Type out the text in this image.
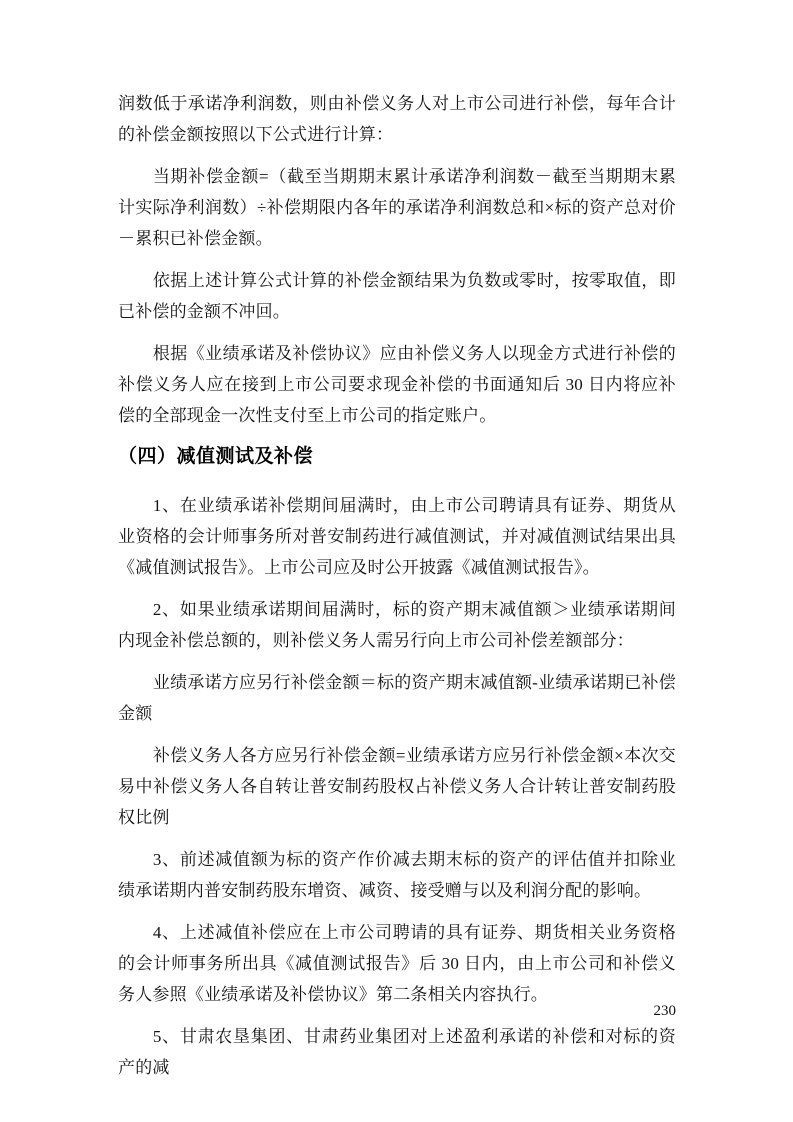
润数低于承诺净利润数，则由补偿义务人对上市公司进行补偿，每年合计的补偿金额按照以下公式进行计算：

当期补偿金额=（截至当期期末累计承诺净利润数－截至当期期末累计实际净利润数）÷补偿期限内各年的承诺净利润数总和×标的资产总对价－累积已补偿金额。

依据上述计算公式计算的补偿金额结果为负数或零时，按零取值，即已补偿的金额不冲回。

根据《业绩承诺及补偿协议》应由补偿义务人以现金方式进行补偿的补偿义务人应在接到上市公司要求现金补偿的书面通知后 30 日内将应补偿的全部现金一次性支付至上市公司的指定账户。

（四）减值测试及补偿

1、在业绩承诺补偿期间届满时，由上市公司聘请具有证券、期货从业资格的会计师事务所对普安制药进行减值测试，并对减值测试结果出具《减值测试报告》。上市公司应及时公开披露《减值测试报告》。

2、如果业绩承诺期间届满时，标的资产期末减值额＞业绩承诺期间内现金补偿总额的，则补偿义务人需另行向上市公司补偿差额部分：

业绩承诺方应另行补偿金额＝标的资产期末减值额-业绩承诺期已补偿金额

补偿义务人各方应另行补偿金额=业绩承诺方应另行补偿金额×本次交易中补偿义务人各自转让普安制药股权占补偿义务人合计转让普安制药股权比例

3、前述减值额为标的资产作价减去期末标的资产的评估值并扣除业绩承诺期内普安制药股东增资、减资、接受赠与以及利润分配的影响。

4、上述减值补偿应在上市公司聘请的具有证券、期货相关业务资格的会计师事务所出具《减值测试报告》后 30 日内，由上市公司和补偿义务人参照《业绩承诺及补偿协议》第二条相关内容执行。

5、甘肃农垦集团、甘肃药业集团对上述盈利承诺的补偿和对标的资产的减

230
